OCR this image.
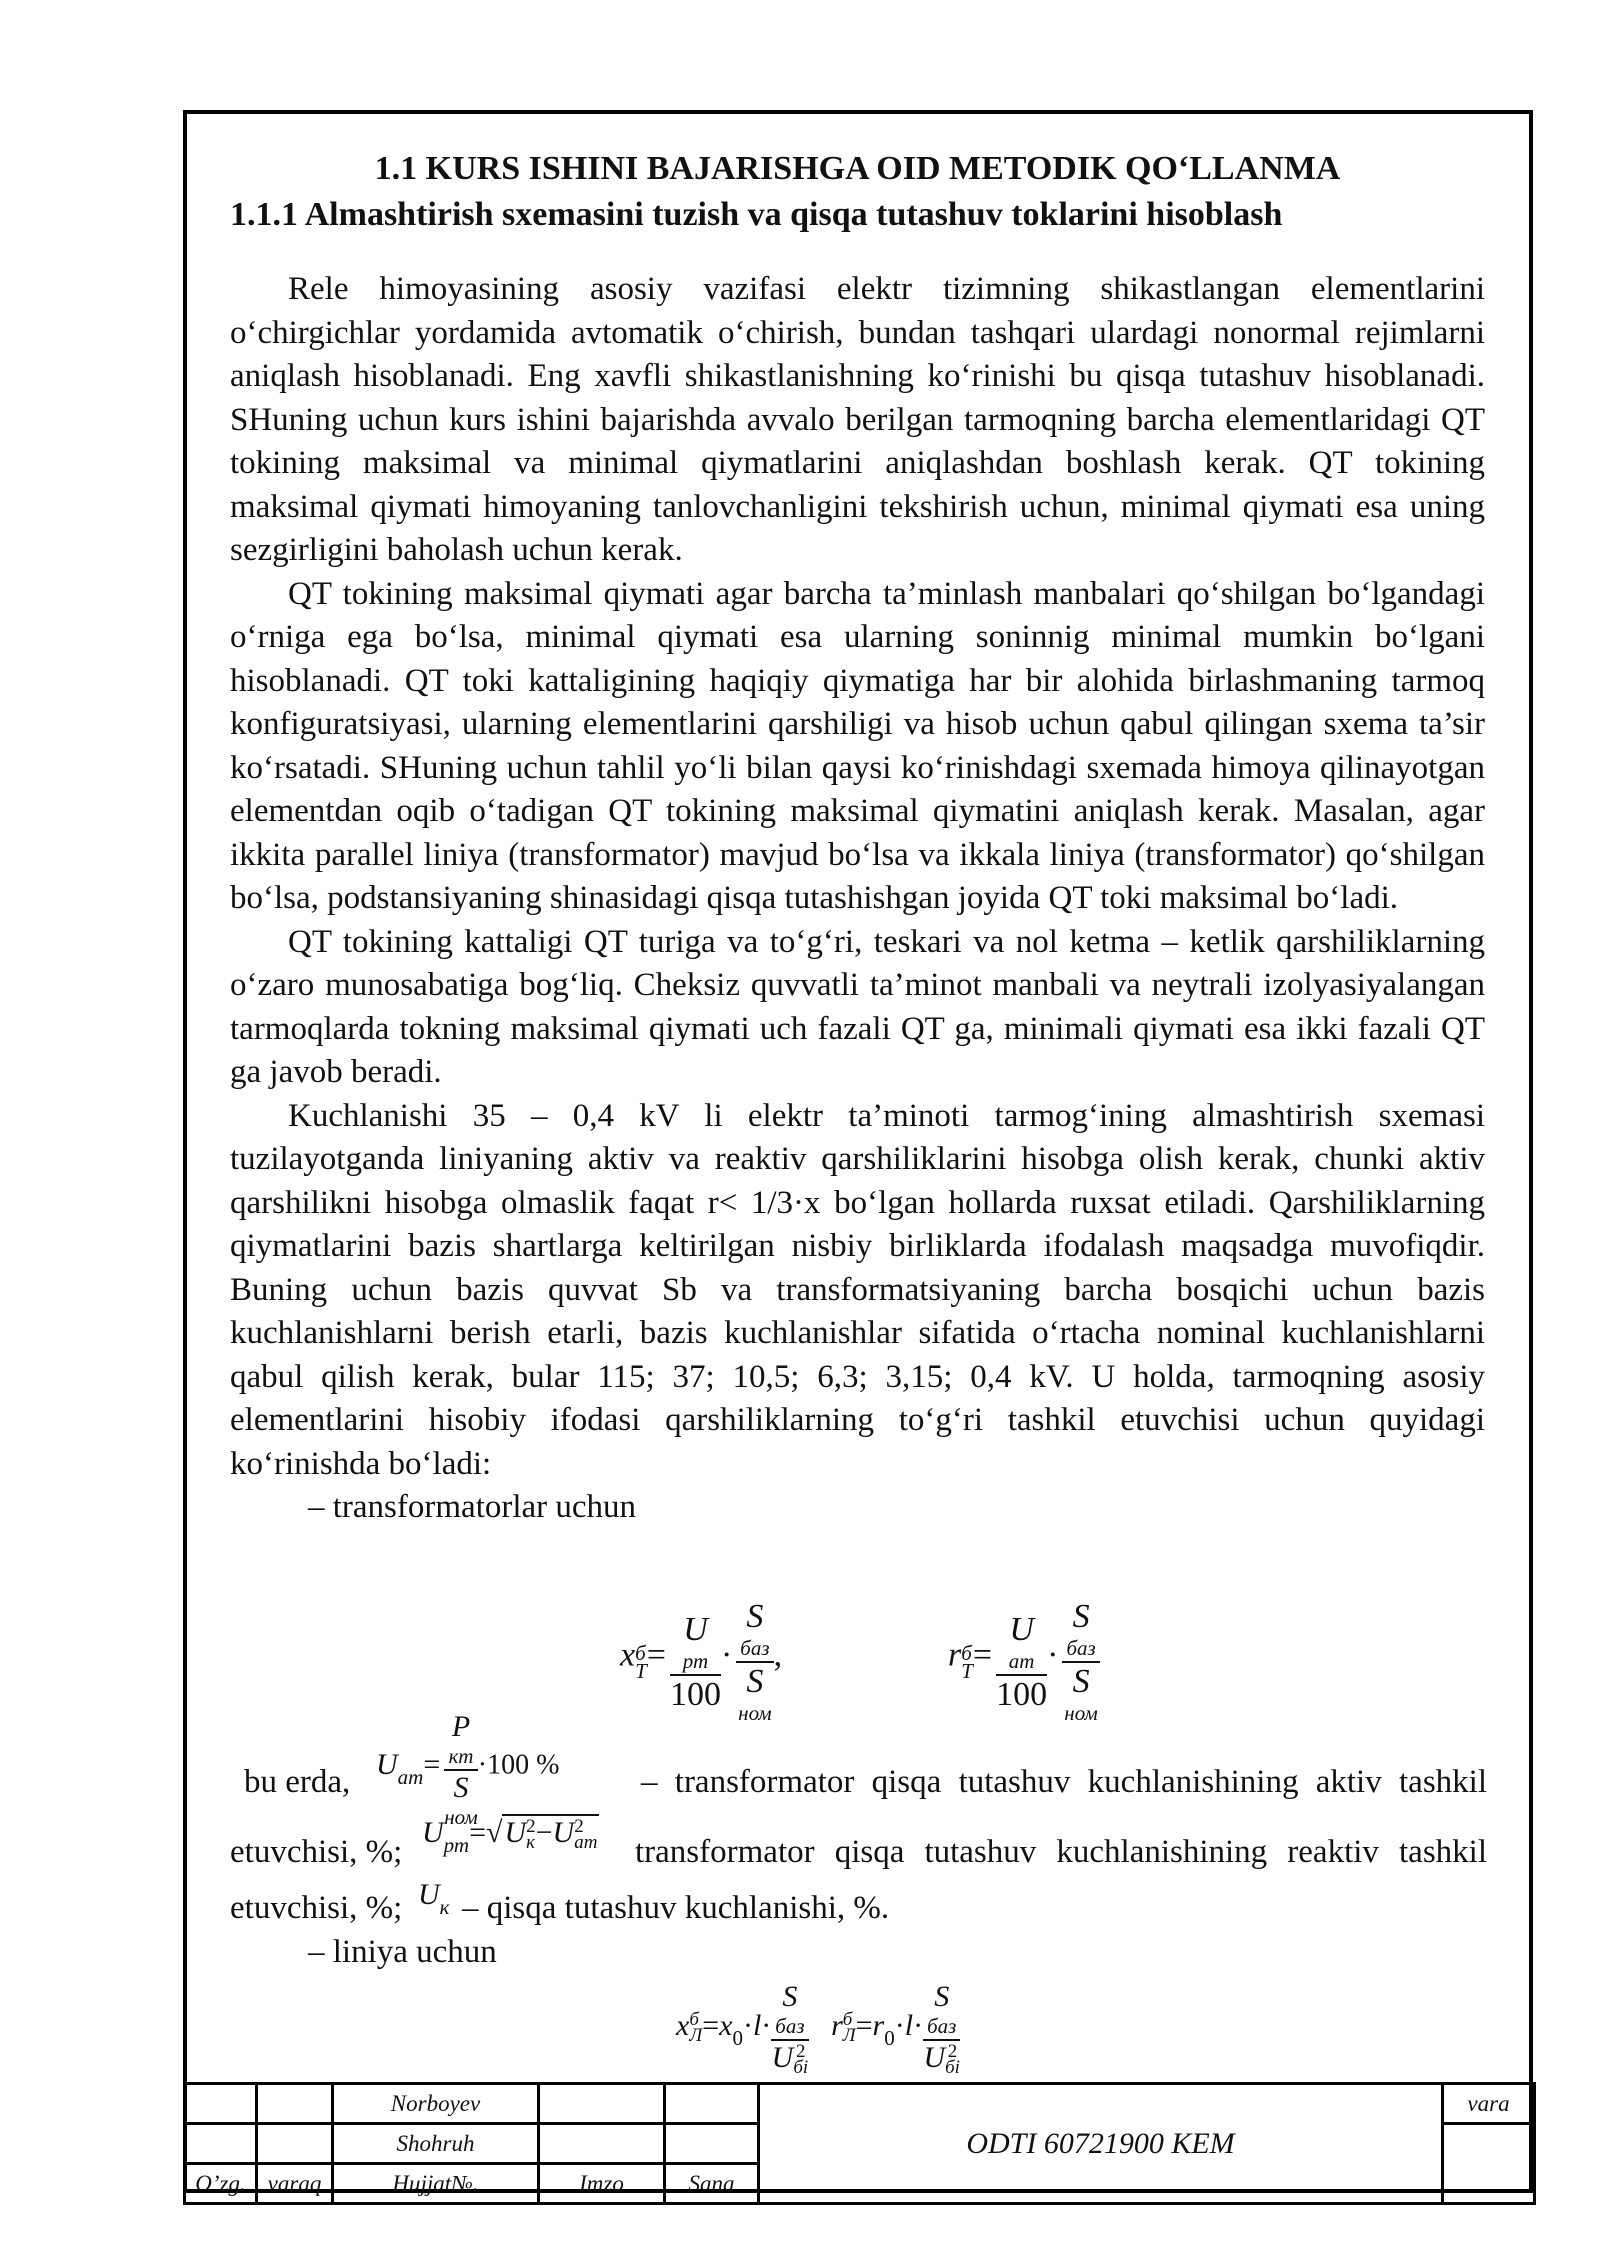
1.1 KURS ISHINI BAJARISHGA OID METODIK QO‘LLANMA
1.1.1 Almashtirish sxemasini tuzish va qisqa tutashuv toklarini hisoblash

Rele himoyasining asosiy vazifasi elektr tizimning shikastlangan elementlarini o‘chirgichlar yordamida avtomatik o‘chirish, bundan tashqari ulardagi nonormal rejimlarni aniqlash hisoblanadi. Eng xavfli shikastlanishning ko‘rinishi bu qisqa tutashuv hisoblanadi. SHuning uchun kurs ishini bajarishda avvalo berilgan tarmoqning barcha elementlaridagi QT tokining maksimal va minimal qiymatlarini aniqlashdan boshlash kerak. QT tokining maksimal qiymati himoyaning tanlovchanligini tekshirish uchun, minimal qiymati esa uning sezgirligini baholash uchun kerak.

QT tokining maksimal qiymati agar barcha ta’minlash manbalari qo‘shilgan bo‘lgandagi o‘rniga ega bo‘lsa, minimal qiymati esa ularning soninnig minimal mumkin bo‘lgani hisoblanadi. QT toki kattaligining haqiqiy qiymatiga har bir alohida birlashmaning tarmoq konfiguratsiyasi, ularning elementlarini qarshiligi va hisob uchun qabul qilingan sxema ta’sir ko‘rsatadi. SHuning uchun tahlil yo‘li bilan qaysi ko‘rinishdagi sxemada himoya qilinayotgan elementdan oqib o‘tadigan QT tokining maksimal qiymatini aniqlash kerak. Masalan, agar ikkita parallel liniya (transformator) mavjud bo‘lsa va ikkala liniya (transformator) qo‘shilgan bo‘lsa, podstansiyaning shinasidagi qisqa tutashishgan joyida QT toki maksimal bo‘ladi.

QT tokining kattaligi QT turiga va to‘g‘ri, teskari va nol ketma – ketlik qarshiliklarning o‘zaro munosabatiga bog‘liq. Cheksiz quvvatli ta’minot manbali va neytrali izolyasiyalangan tarmoqlarda tokning maksimal qiymati uch fazali QT ga, minimali qiymati esa ikki fazali QT ga javob beradi.

Kuchlanishi 35 – 0,4 kV li elektr ta’minoti tarmog‘ining almashtirish sxemasi tuzilayotganda liniyaning aktiv va reaktiv qarshiliklarini hisobga olish kerak, chunki aktiv qarshilikni hisobga olmaslik faqat r< 1/3·x bo‘lgan hollarda ruxsat etiladi. Qarshiliklarning qiymatlarini bazis shartlarga keltirilgan nisbiy birliklarda ifodalash maqsadga muvofiqdir. Buning uchun bazis quvvat Sb va transformatsiyaning barcha bosqichi uchun bazis kuchlanishlarni berish etarli, bazis kuchlanishlar sifatida o‘rtacha nominal kuchlanishlarni qabul qilish kerak, bular 115; 37; 10,5; 6,3; 3,15; 0,4 kV. U holda, tarmoqning asosiy elementlarini hisobiy ifodasi qarshiliklarning to‘g‘ri tashkil etuvchisi uchun quyidagi ko‘rinishda bo‘ladi:

– transformatorlar uchun

x б
Т = U
рт
100 · S
баз
S
ном ,	r б
Т = U
ат
100 · S
баз
S
ном
$U_{ат}= P$
кт
S
ном ·100 %
bu erda,	– transformator qisqa tutashuv kuchlanishining aktiv tashkil
etuvchisi, %;
$U_{рт}=√U$ 2
к −U 2
ат transformator qisqa tutashuv kuchlanishining reaktiv tashkil
etuvchisi, %; $U_к$ – qisqa tutashuv kuchlanishi, %.
– liniya uchun
x б
$Л =x_0\cdot l\cdot S$
баз
U 2
бі r б
$Л =r_0\cdot l\cdot S$
баз
U 2
бі
		Norboyev			ODTI 60721900 KEM	vara
		Shohruh				
O’zg.	varaq	Hujjat№.	Imzo	Sana		
